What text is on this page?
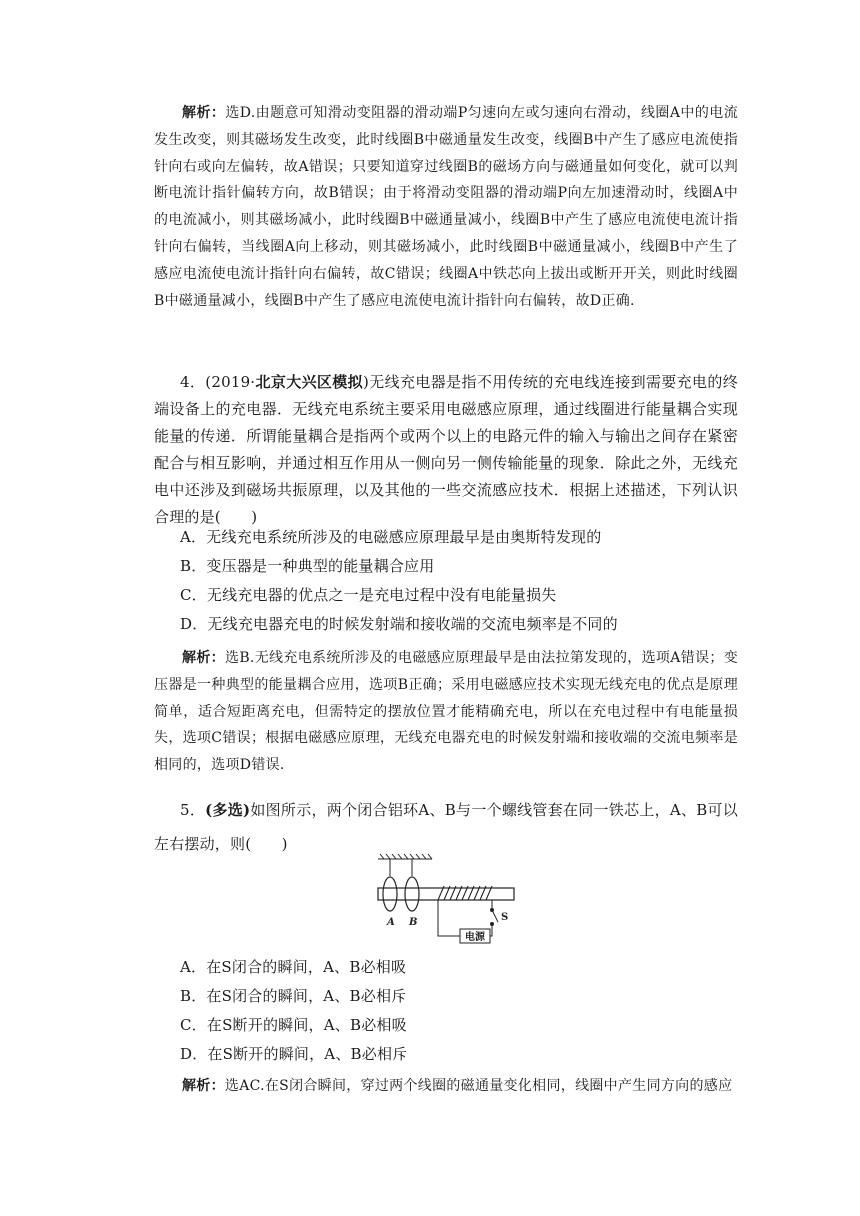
解析：选D.由题意可知滑动变阻器的滑动端P匀速向左或匀速向右滑动，线圈A中的电流发生改变，则其磁场发生改变，此时线圈B中磁通量发生改变，线圈B中产生了感应电流使指针向右或向左偏转，故A错误；只要知道穿过线圈B的磁场方向与磁通量如何变化，就可以判断电流计指针偏转方向，故B错误；由于将滑动变阻器的滑动端P向左加速滑动时，线圈A中的电流减小，则其磁场减小，此时线圈B中磁通量减小，线圈B中产生了感应电流使电流计指针向右偏转，当线圈A向上移动，则其磁场减小，此时线圈B中磁通量减小，线圈B中产生了感应电流使电流计指针向右偏转，故C错误；线圈A中铁芯向上拔出或断开开关，则此时线圈B中磁通量减小，线圈B中产生了感应电流使电流计指针向右偏转，故D正确.
4．(2019·北京大兴区模拟)无线充电器是指不用传统的充电线连接到需要充电的终端设备上的充电器．无线充电系统主要采用电磁感应原理，通过线圈进行能量耦合实现能量的传递．所谓能量耦合是指两个或两个以上的电路元件的输入与输出之间存在紧密配合与相互影响，并通过相互作用从一侧向另一侧传输能量的现象．除此之外，无线充电中还涉及到磁场共振原理，以及其他的一些交流感应技术．根据上述描述，下列认识合理的是(　　)
A．无线充电系统所涉及的电磁感应原理最早是由奥斯特发现的
B．变压器是一种典型的能量耦合应用
C．无线充电器的优点之一是充电过程中没有电能量损失
D．无线充电器充电的时候发射端和接收端的交流电频率是不同的
解析：选B.无线充电系统所涉及的电磁感应原理最早是由法拉第发现的，选项A错误；变压器是一种典型的能量耦合应用，选项B正确；采用电磁感应技术实现无线充电的优点是原理简单，适合短距离充电，但需特定的摆放位置才能精确充电，所以在充电过程中有电能量损失，选项C错误；根据电磁感应原理，无线充电器充电的时候发射端和接收端的交流电频率是相同的，选项D错误.
5．(多选)如图所示，两个闭合铝环A、B与一个螺线管套在同一铁芯上，A、B可以左右摆动，则(　　)
电源
A B	S
A．在S闭合的瞬间，A、B必相吸
B．在S闭合的瞬间，A、B必相斥
C．在S断开的瞬间，A、B必相吸
D．在S断开的瞬间，A、B必相斥
解析：选AC.在S闭合瞬间，穿过两个线圈的磁通量变化相同，线圈中产生同方向的感应
